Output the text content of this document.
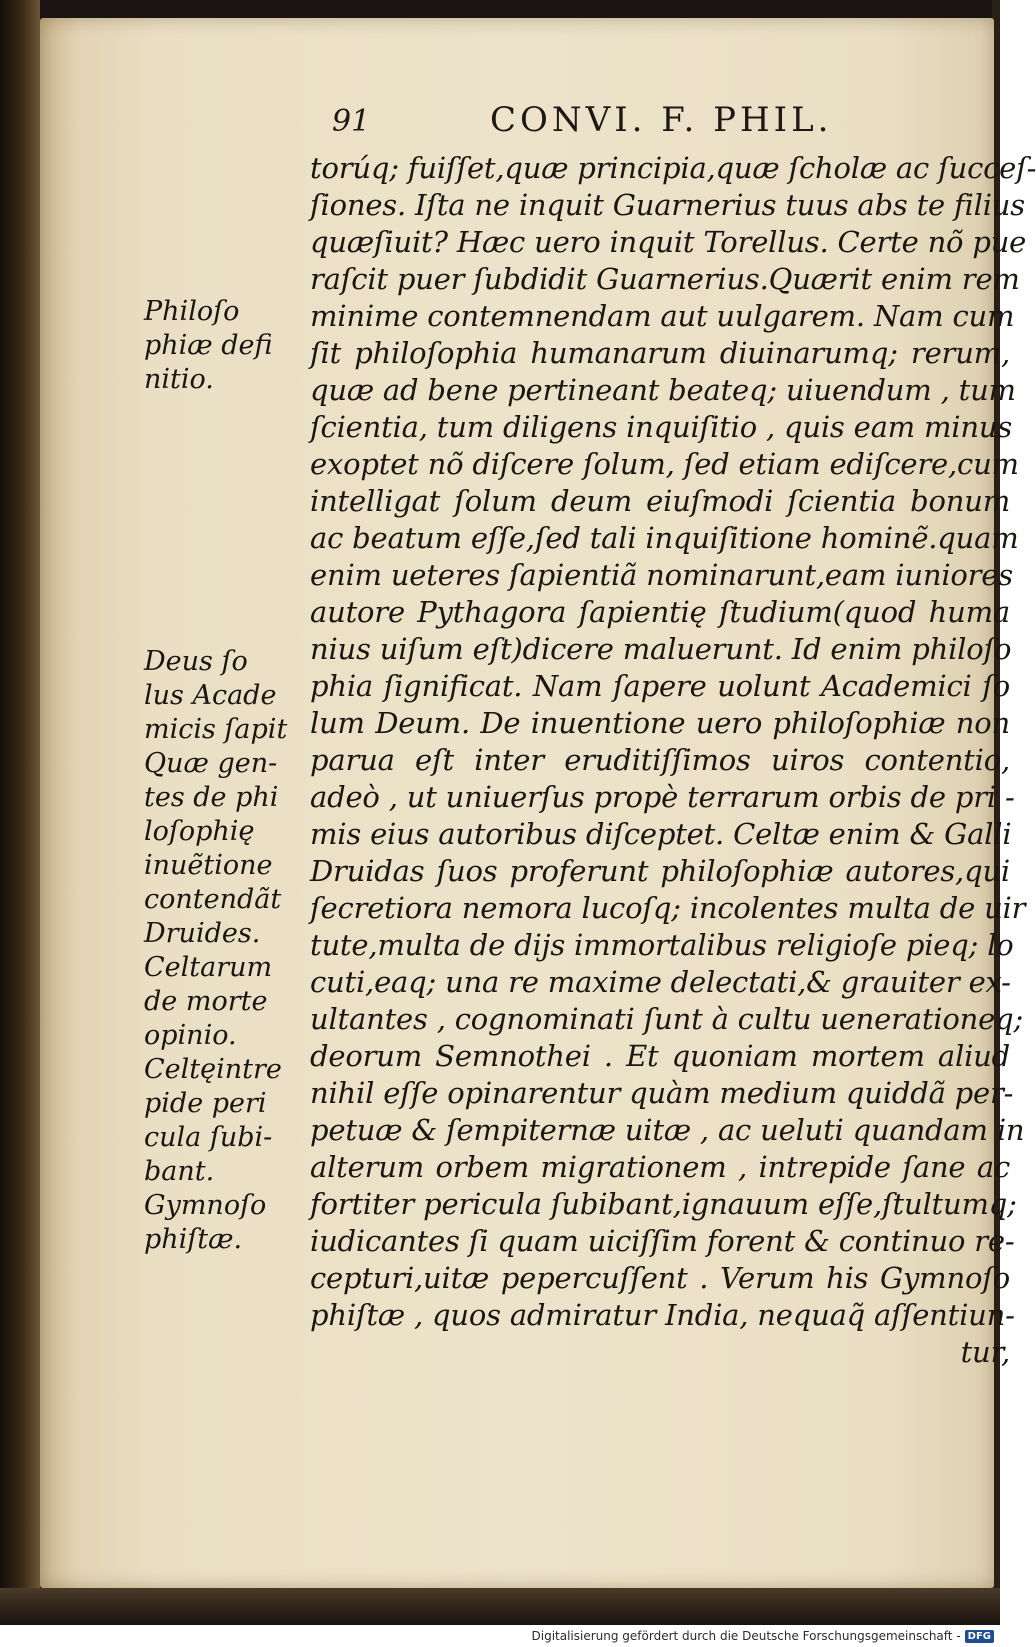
91	CONVI. F. PHIL.
Philoſo
phiæ defi
nitio.
Deus ſo
lus Acade
micis ſapit
Quæ gen-
tes de phi
loſophię
inuẽtione
contendãt
Druides.
Celtarum
de morte
opinio.
Celtęintre
pide peri
cula ſubi-
bant.
Gymnoſo
phiſtæ.
torúq; fuiſſet,quæ principia,quæ ſcholæ ac ſucceſ-
ſiones. Iſta ne inquit Guarnerius tuus abs te filius
quæſiuit? Hæc uero inquit Torellus. Certe nõ pue
raſcit puer ſubdidit Guarnerius.Quærit enim rem
minime contemnendam aut uulgarem. Nam cum
ſit philoſophia humanarum diuinarumq; rerum,
quæ ad bene pertineant beateq; uiuendum , tum
ſcientia, tum diligens inquiſitio , quis eam minus
exoptet nõ diſcere ſolum, ſed etiam ediſcere,cum
intelligat ſolum deum eiuſmodi ſcientia bonum
ac beatum eſſe,ſed tali inquiſitione hominẽ.quam
enim ueteres ſapientiã nominarunt,eam iuniores
autore Pythagora ſapientię ſtudium(quod huma
nius uiſum eſt)dicere maluerunt. Id enim philoſo
phia ſignificat. Nam ſapere uolunt Academici ſo
lum Deum. De inuentione uero philoſophiæ non
parua eſt inter eruditiſſimos uiros contentio,
adeò , ut uniuerſus propè terrarum orbis de pri -
mis eius autoribus diſceptet. Celtæ enim & Galli
Druidas ſuos proferunt philoſophiæ autores,qui
ſecretiora nemora lucoſq; incolentes multa de uir
tute,multa de dijs immortalibus religioſe pieq; lo
cuti,eaq; una re maxime delectati,& grauiter ex-
ultantes , cognominati ſunt à cultu uenerationeq;
deorum Semnothei . Et quoniam mortem aliud
nihil eſſe opinarentur quàm medium quiddã per-
petuæ & ſempiternæ uitæ , ac ueluti quandam in
alterum orbem migrationem , intrepide ſane ac
fortiter pericula ſubibant,ignauum eſſe,ſtultumq;
iudicantes ſi quam uiciſſim forent & continuo re-
cepturi,uitæ pepercuſſent . Verum his Gymnoſo
phiſtæ , quos admiratur India, nequaq̃ aſſentiun-
tur,
Digitalisierung gefördert durch die Deutsche Forschungsgemeinschaft - DFG
